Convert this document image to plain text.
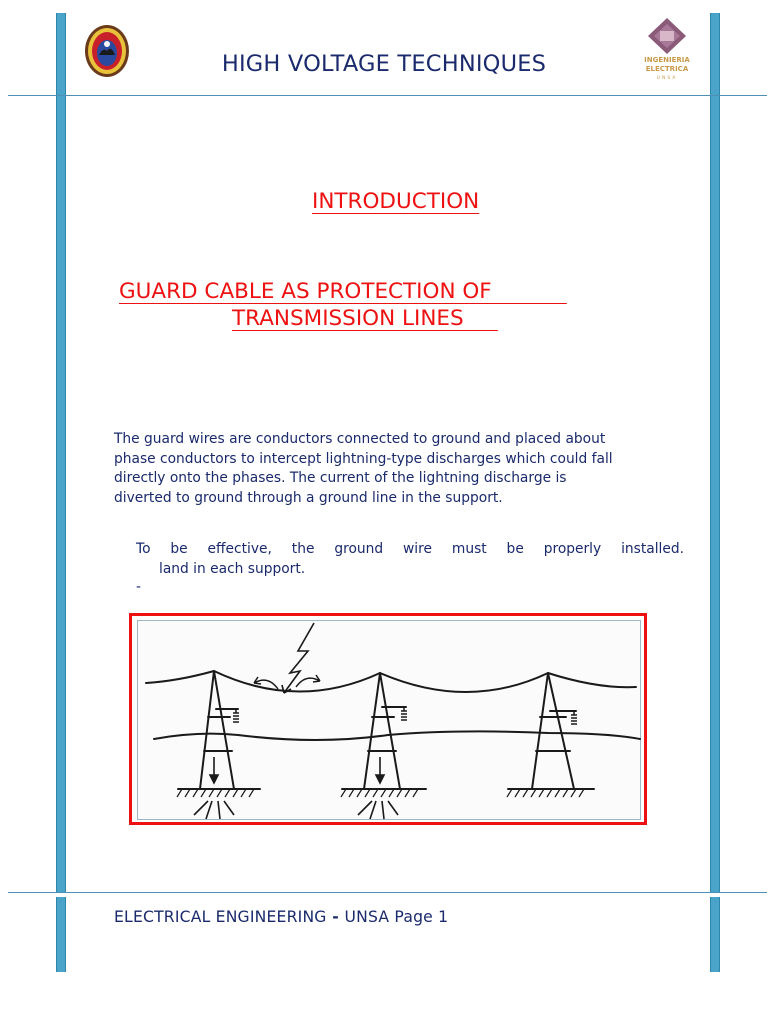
INGENIERIA
ELECTRICA
UNSA
HIGH VOLTAGE TECHNIQUES
INTRODUCTION
GUARD CABLE AS PROTECTION OF
TRANSMISSION LINES
The guard wires are conductors connected to ground and placed about phase conductors to intercept lightning-type discharges which could fall directly onto the phases. The current of the lightning discharge is diverted to ground through a ground line in the support.
To be effective, the ground wire must be properly installed.
land in each support.
-
ELECTRICAL ENGINEERING - UNSA Page 1
